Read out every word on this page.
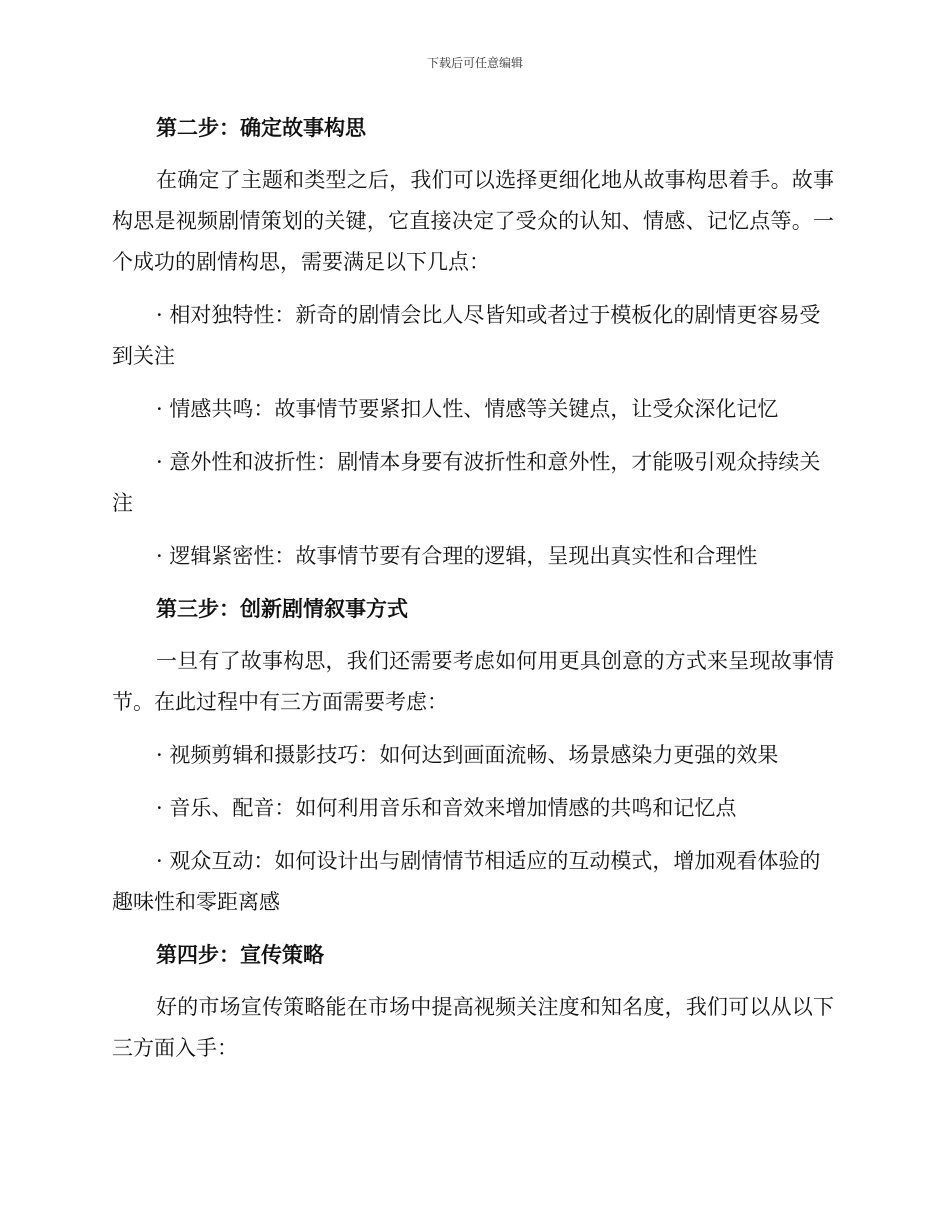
下载后可任意编辑
第二步：确定故事构思

在确定了主题和类型之后，我们可以选择更细化地从故事构思着手。故事构思是视频剧情策划的关键，它直接决定了受众的认知、情感、记忆点等。一个成功的剧情构思，需要满足以下几点：

· 相对独特性：新奇的剧情会比人尽皆知或者过于模板化的剧情更容易受到关注

· 情感共鸣：故事情节要紧扣人性、情感等关键点，让受众深化记忆

· 意外性和波折性：剧情本身要有波折性和意外性，才能吸引观众持续关注

· 逻辑紧密性：故事情节要有合理的逻辑，呈现出真实性和合理性

第三步：创新剧情叙事方式

一旦有了故事构思，我们还需要考虑如何用更具创意的方式来呈现故事情节。在此过程中有三方面需要考虑：

· 视频剪辑和摄影技巧：如何达到画面流畅、场景感染力更强的效果

· 音乐、配音：如何利用音乐和音效来增加情感的共鸣和记忆点

· 观众互动：如何设计出与剧情情节相适应的互动模式，增加观看体验的趣味性和零距离感

第四步：宣传策略

好的市场宣传策略能在市场中提高视频关注度和知名度，我们可以从以下三方面入手：
